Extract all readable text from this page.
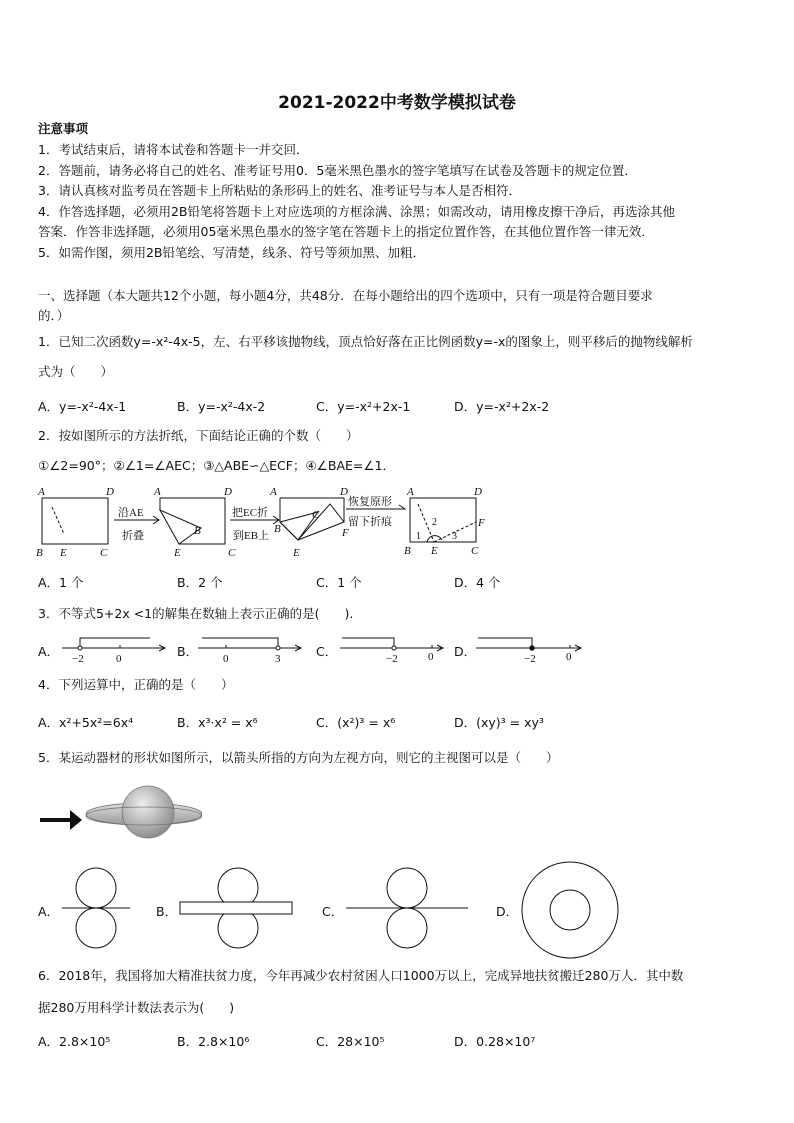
2021-2022中考数学模拟试卷
注意事项
1．考试结束后，请将本试卷和答题卡一并交回．
2．答题前，请务必将自己的姓名、准考证号用0．5毫米黑色墨水的签字笔填写在试卷及答题卡的规定位置．
3．请认真核对监考员在答题卡上所粘贴的条形码上的姓名、准考证号与本人是否相符．
4．作答选择题，必须用2B铅笔将答题卡上对应选项的方框涂满、涂黑；如需改动，请用橡皮擦干净后，再选涂其他
答案．作答非选择题，必须用05毫米黑色墨水的签字笔在答题卡上的指定位置作答，在其他位置作答一律无效．
5．如需作图，须用2B铅笔绘、写清楚，线条、符号等须加黑、加粗．
一、选择题（本大题共12个小题，每小题4分，共48分．在每小题给出的四个选项中，只有一项是符合题目要求
的．）
1．已知二次函数y=-x²-4x-5，左、右平移该抛物线，顶点恰好落在正比例函数y=-x的图象上，则平移后的抛物线解析
式为（　　）
A．y=-x²-4x-1	B．y=-x²-4x-2	C．y=-x²+2x-1	D．y=-x²+2x-2
2．按如图所示的方法折纸，下面结论正确的个数（　　）
①∠2=90°；②∠1=∠AEC；③△ABE∽△ECF；④∠BAE=∠1．
A	D
B E	C
A	D
B
E	C
A	D
B
C
F
E
A	D
B E	C
F
1
2
3
沿AE
折叠
把EC折
到EB上
恢复原形
留下折痕
A．1 个	B．2 个	C．1 个	D．4 个
3．不等式5+2x <1的解集在数轴上表示正确的是(　　).
A． −2	0	B． 0	3	C．	−2	0 D．	−2	0
4．下列运算中，正确的是（　　）
A．x²+5x²=6x⁴	B．x³·x² = x⁶	C．(x²)³ = x⁶	D．(xy)³ = xy³
5．某运动器材的形状如图所示，以箭头所指的方向为左视方向，则它的主视图可以是（　　）
A．	B．	C．	D．
6．2018年，我国将加大精准扶贫力度，今年再减少农村贫困人口1000万以上，完成异地扶贫搬迁280万人．其中数
据280万用科学计数法表示为(　　)
A．2.8×10⁵	B．2.8×10⁶	C．28×10⁵	D．0.28×10⁷
